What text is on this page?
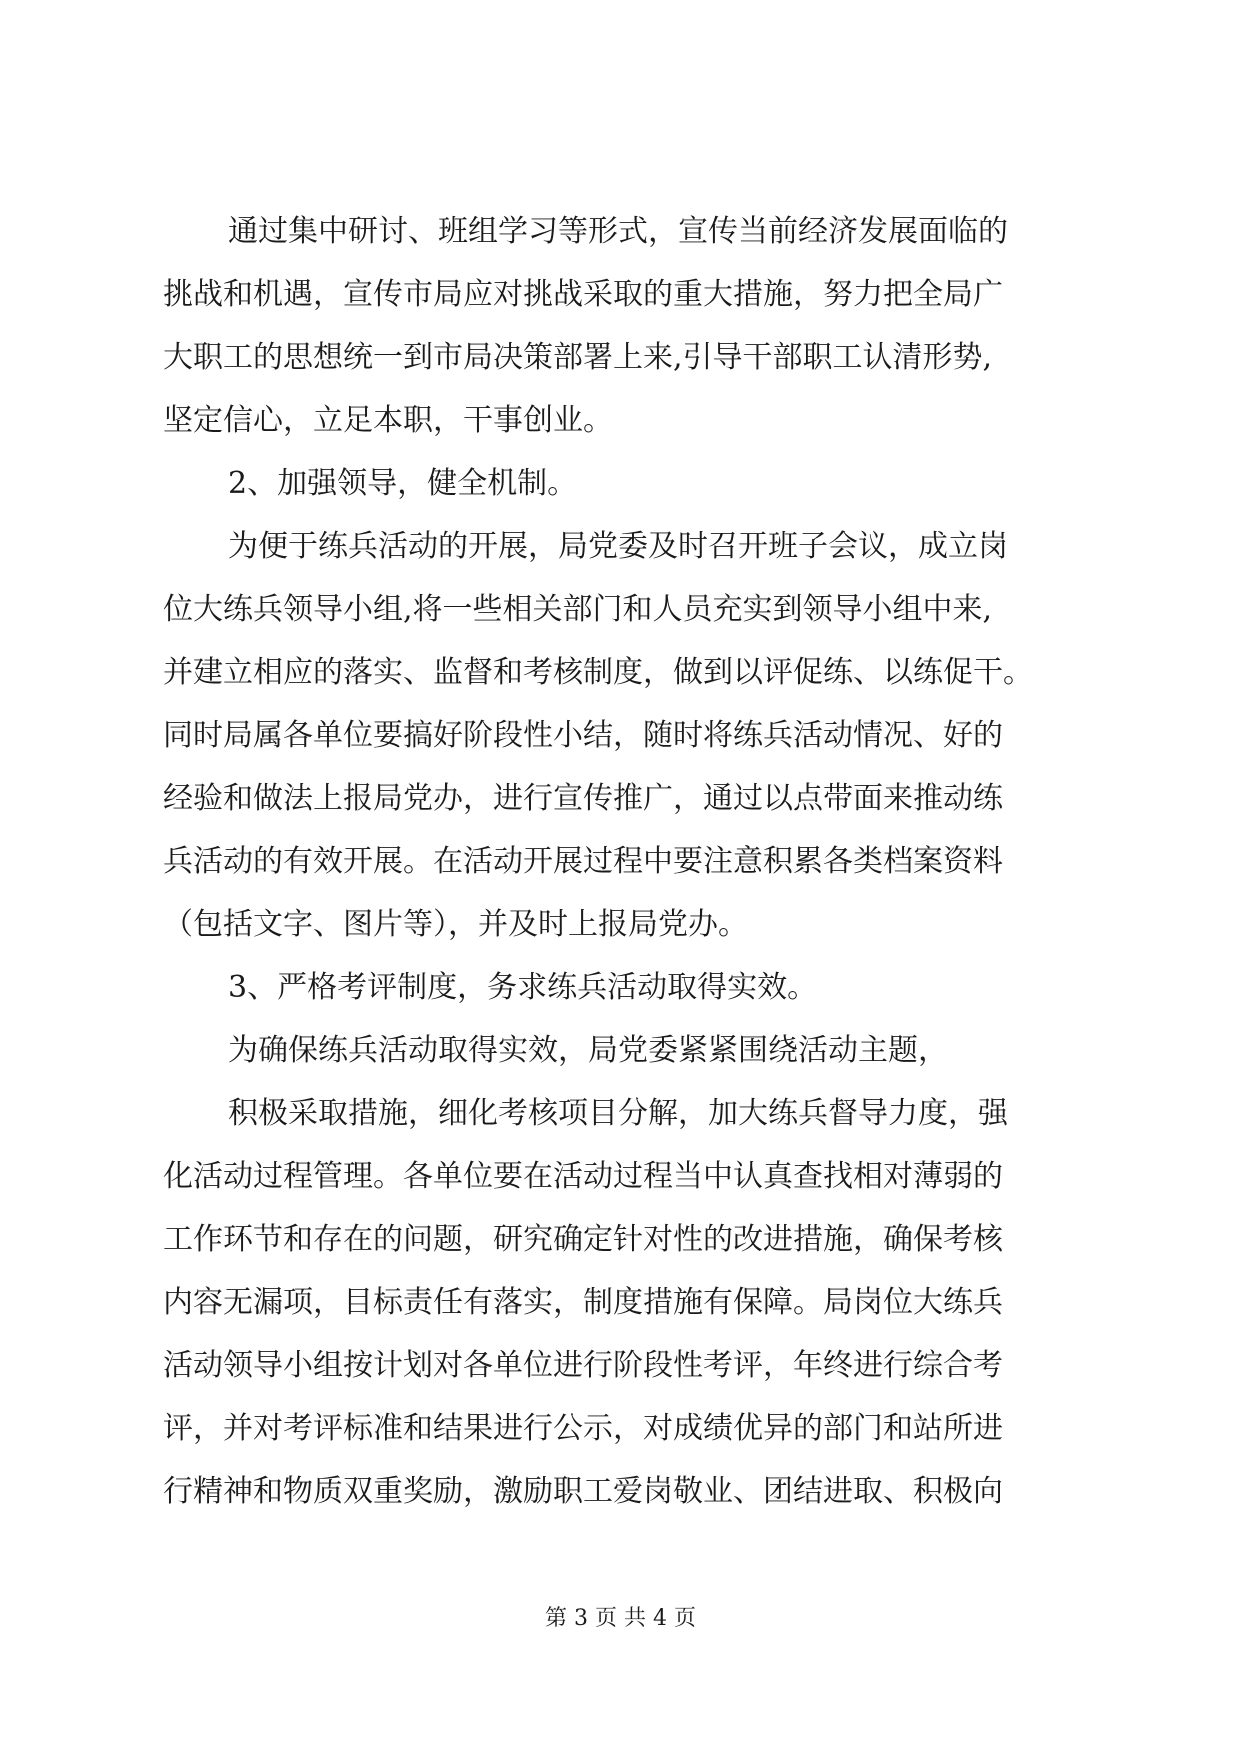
通过集中研讨、班组学习等形式，宣传当前经济发展面临的
挑战和机遇，宣传市局应对挑战采取的重大措施，努力把全局广
大职工的思想统一到市局决策部署上来,引导干部职工认清形势,
坚定信心，立足本职，干事创业。
2、加强领导，健全机制。
为便于练兵活动的开展，局党委及时召开班子会议，成立岗
位大练兵领导小组,将一些相关部门和人员充实到领导小组中来,
并建立相应的落实、监督和考核制度，做到以评促练、以练促干。
同时局属各单位要搞好阶段性小结，随时将练兵活动情况、好的
经验和做法上报局党办，进行宣传推广，通过以点带面来推动练
兵活动的有效开展。在活动开展过程中要注意积累各类档案资料
（包括文字、图片等），并及时上报局党办。
3、严格考评制度，务求练兵活动取得实效。
为确保练兵活动取得实效，局党委紧紧围绕活动主题，
积极采取措施，细化考核项目分解，加大练兵督导力度，强
化活动过程管理。各单位要在活动过程当中认真查找相对薄弱的
工作环节和存在的问题，研究确定针对性的改进措施，确保考核
内容无漏项，目标责任有落实，制度措施有保障。局岗位大练兵
活动领导小组按计划对各单位进行阶段性考评，年终进行综合考
评，并对考评标准和结果进行公示，对成绩优异的部门和站所进
行精神和物质双重奖励，激励职工爱岗敬业、团结进取、积极向
第 3 页 共 4 页
